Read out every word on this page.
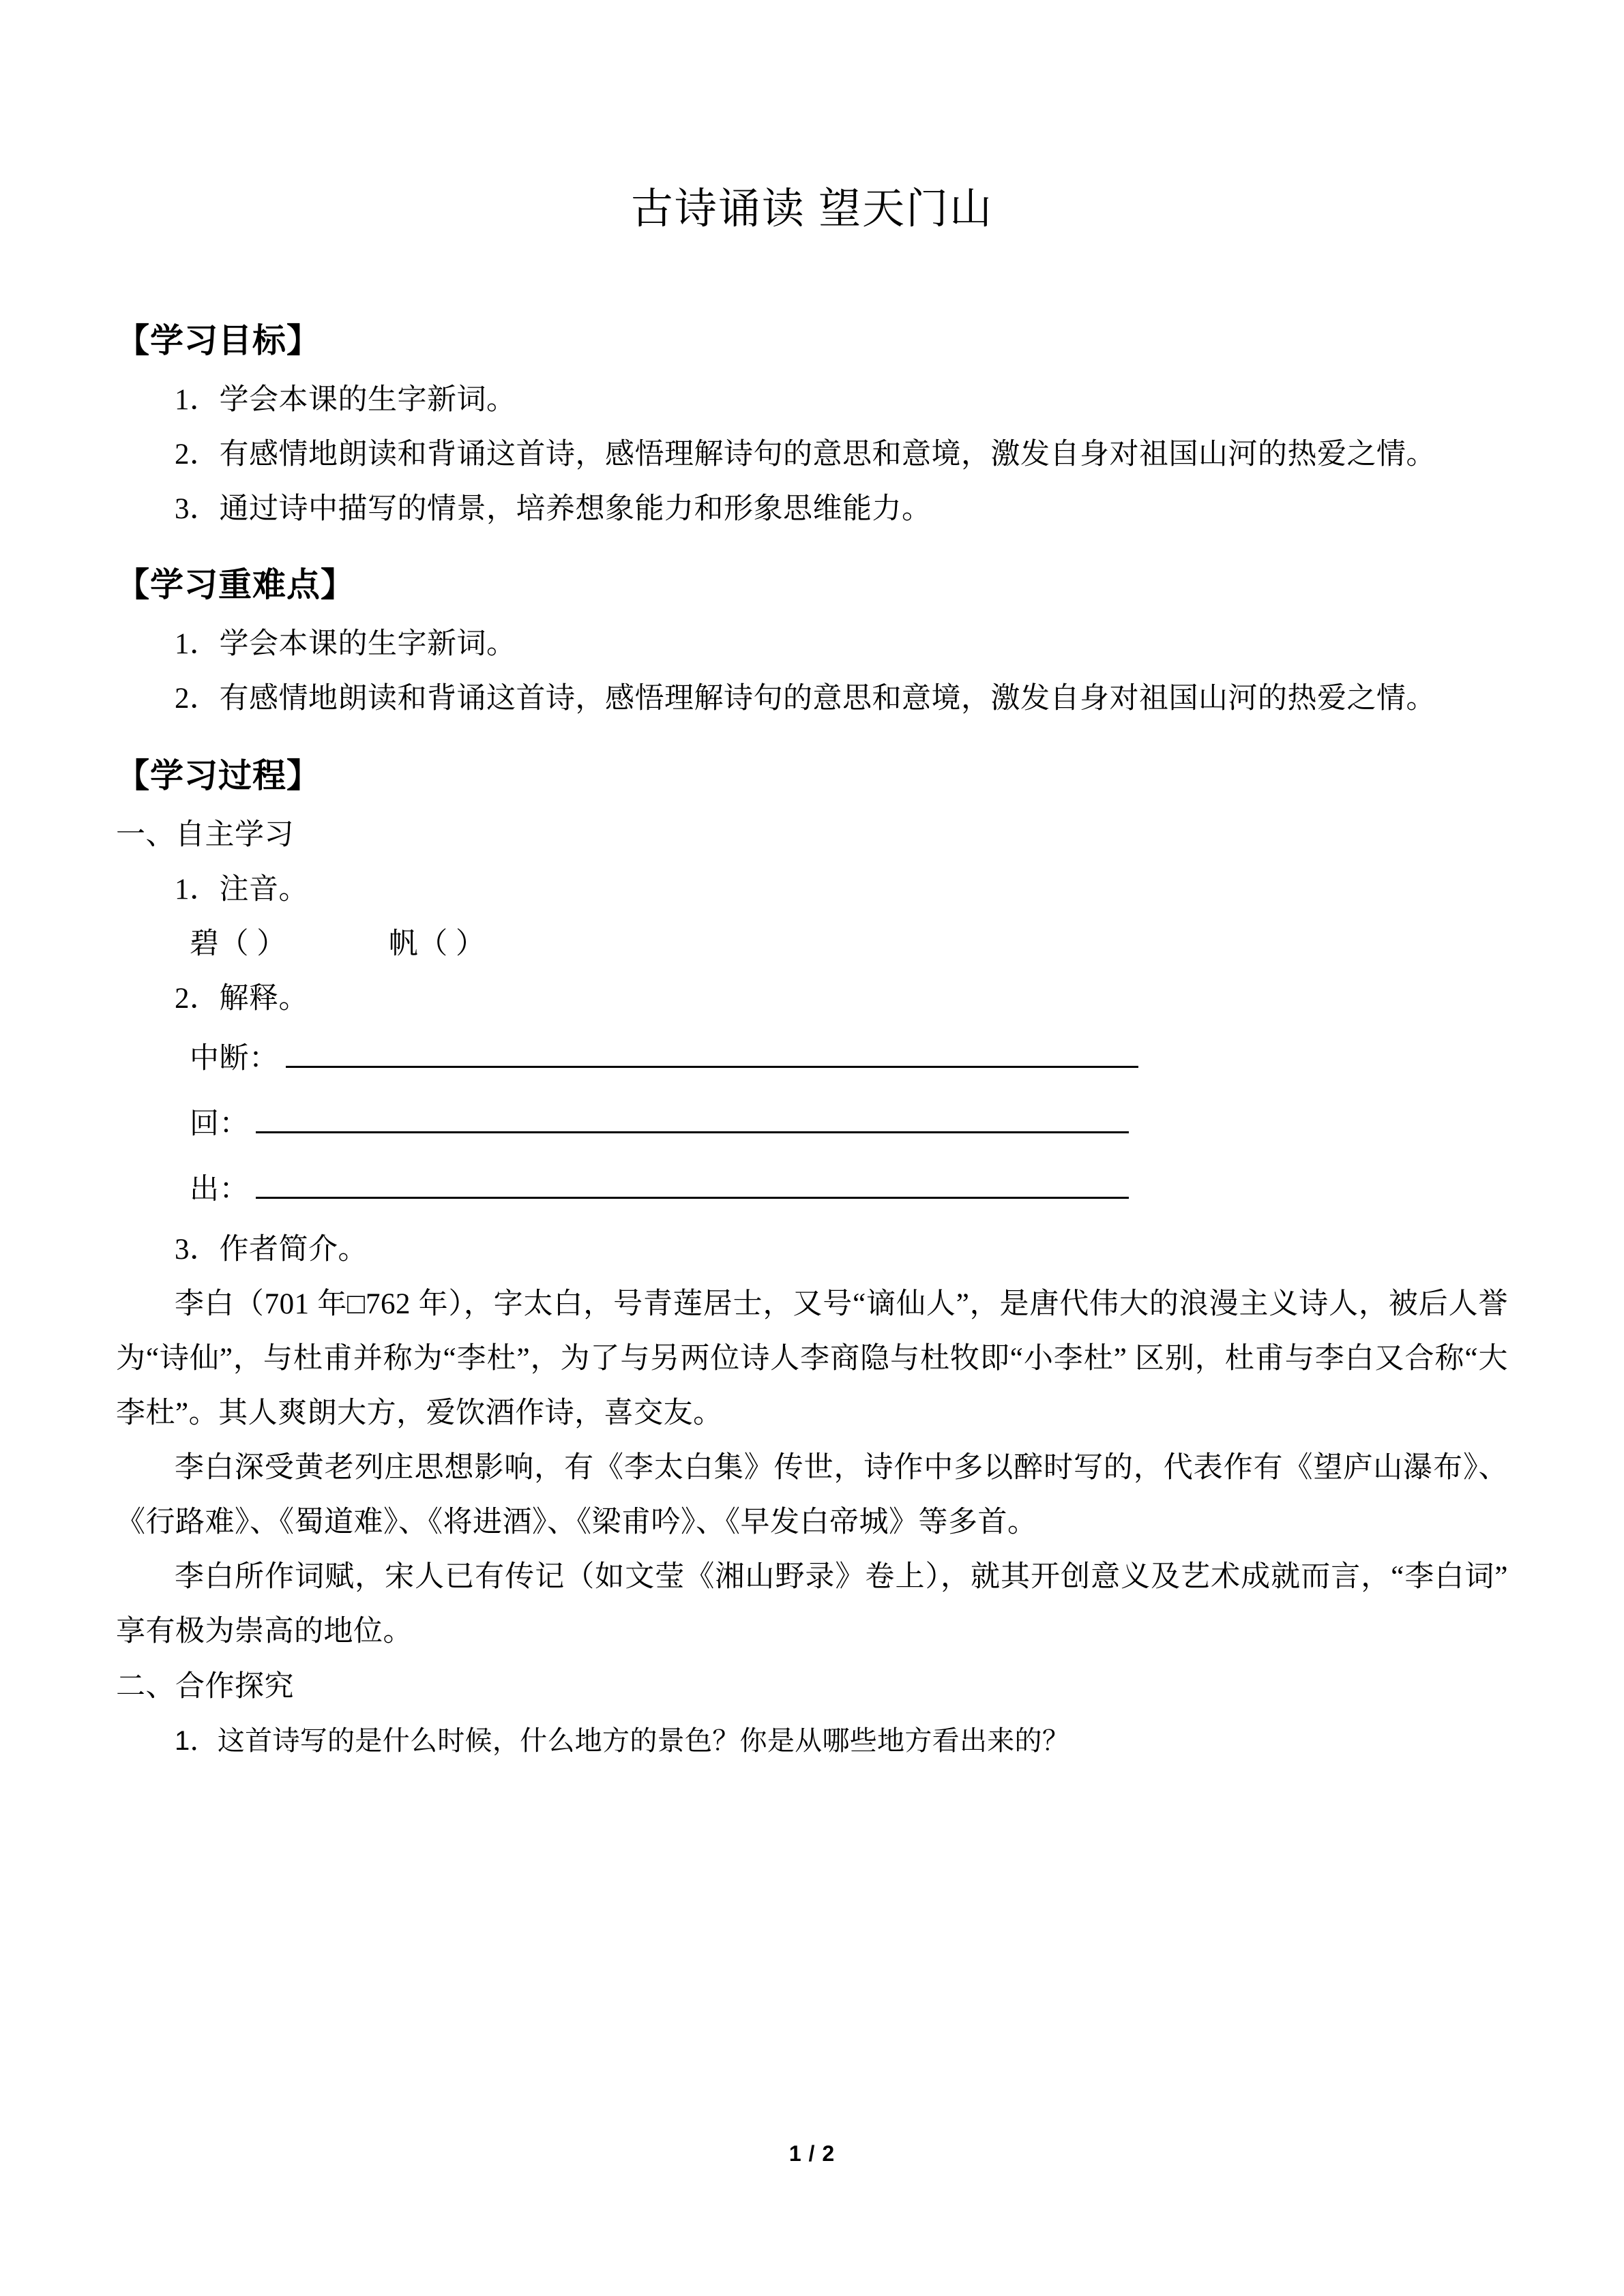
古诗诵读 望天门山
【学习目标】

1．学会本课的生字新词。

2．有感情地朗读和背诵这首诗，感悟理解诗句的意思和意境，激发自身对祖国山河的热爱之情。

3．通过诗中描写的情景，培养想象能力和形象思维能力。

【学习重难点】

1．学会本课的生字新词。

2．有感情地朗读和背诵这首诗，感悟理解诗句的意思和意境，激发自身对祖国山河的热爱之情。

【学习过程】

一、自主学习

1．注音。

碧（ ）	帆（ ）

2．解释。

中断：
回：
出：

3．作者简介。

李白（701 年□762 年），字太白，号青莲居士，又号“谪仙人”，是唐代伟大的浪漫主义诗人，被后人誉为“诗仙”，与杜甫并称为“李杜”，为了与另两位诗人李商隐与杜牧即“小李杜” 区别，杜甫与李白又合称“大李杜”。其人爽朗大方，爱饮酒作诗，喜交友。

李白深受黄老列庄思想影响，有《李太白集》传世，诗作中多以醉时写的，代表作有《望庐山瀑布》、《行路难》、《蜀道难》、《将进酒》、《梁甫吟》、《早发白帝城》等多首。

李白所作词赋，宋人已有传记（如文莹《湘山野录》卷上），就其开创意义及艺术成就而言，“李白词”享有极为崇高的地位。

二、合作探究

1．这首诗写的是什么时候，什么地方的景色？你是从哪些地方看出来的？

1 / 2
